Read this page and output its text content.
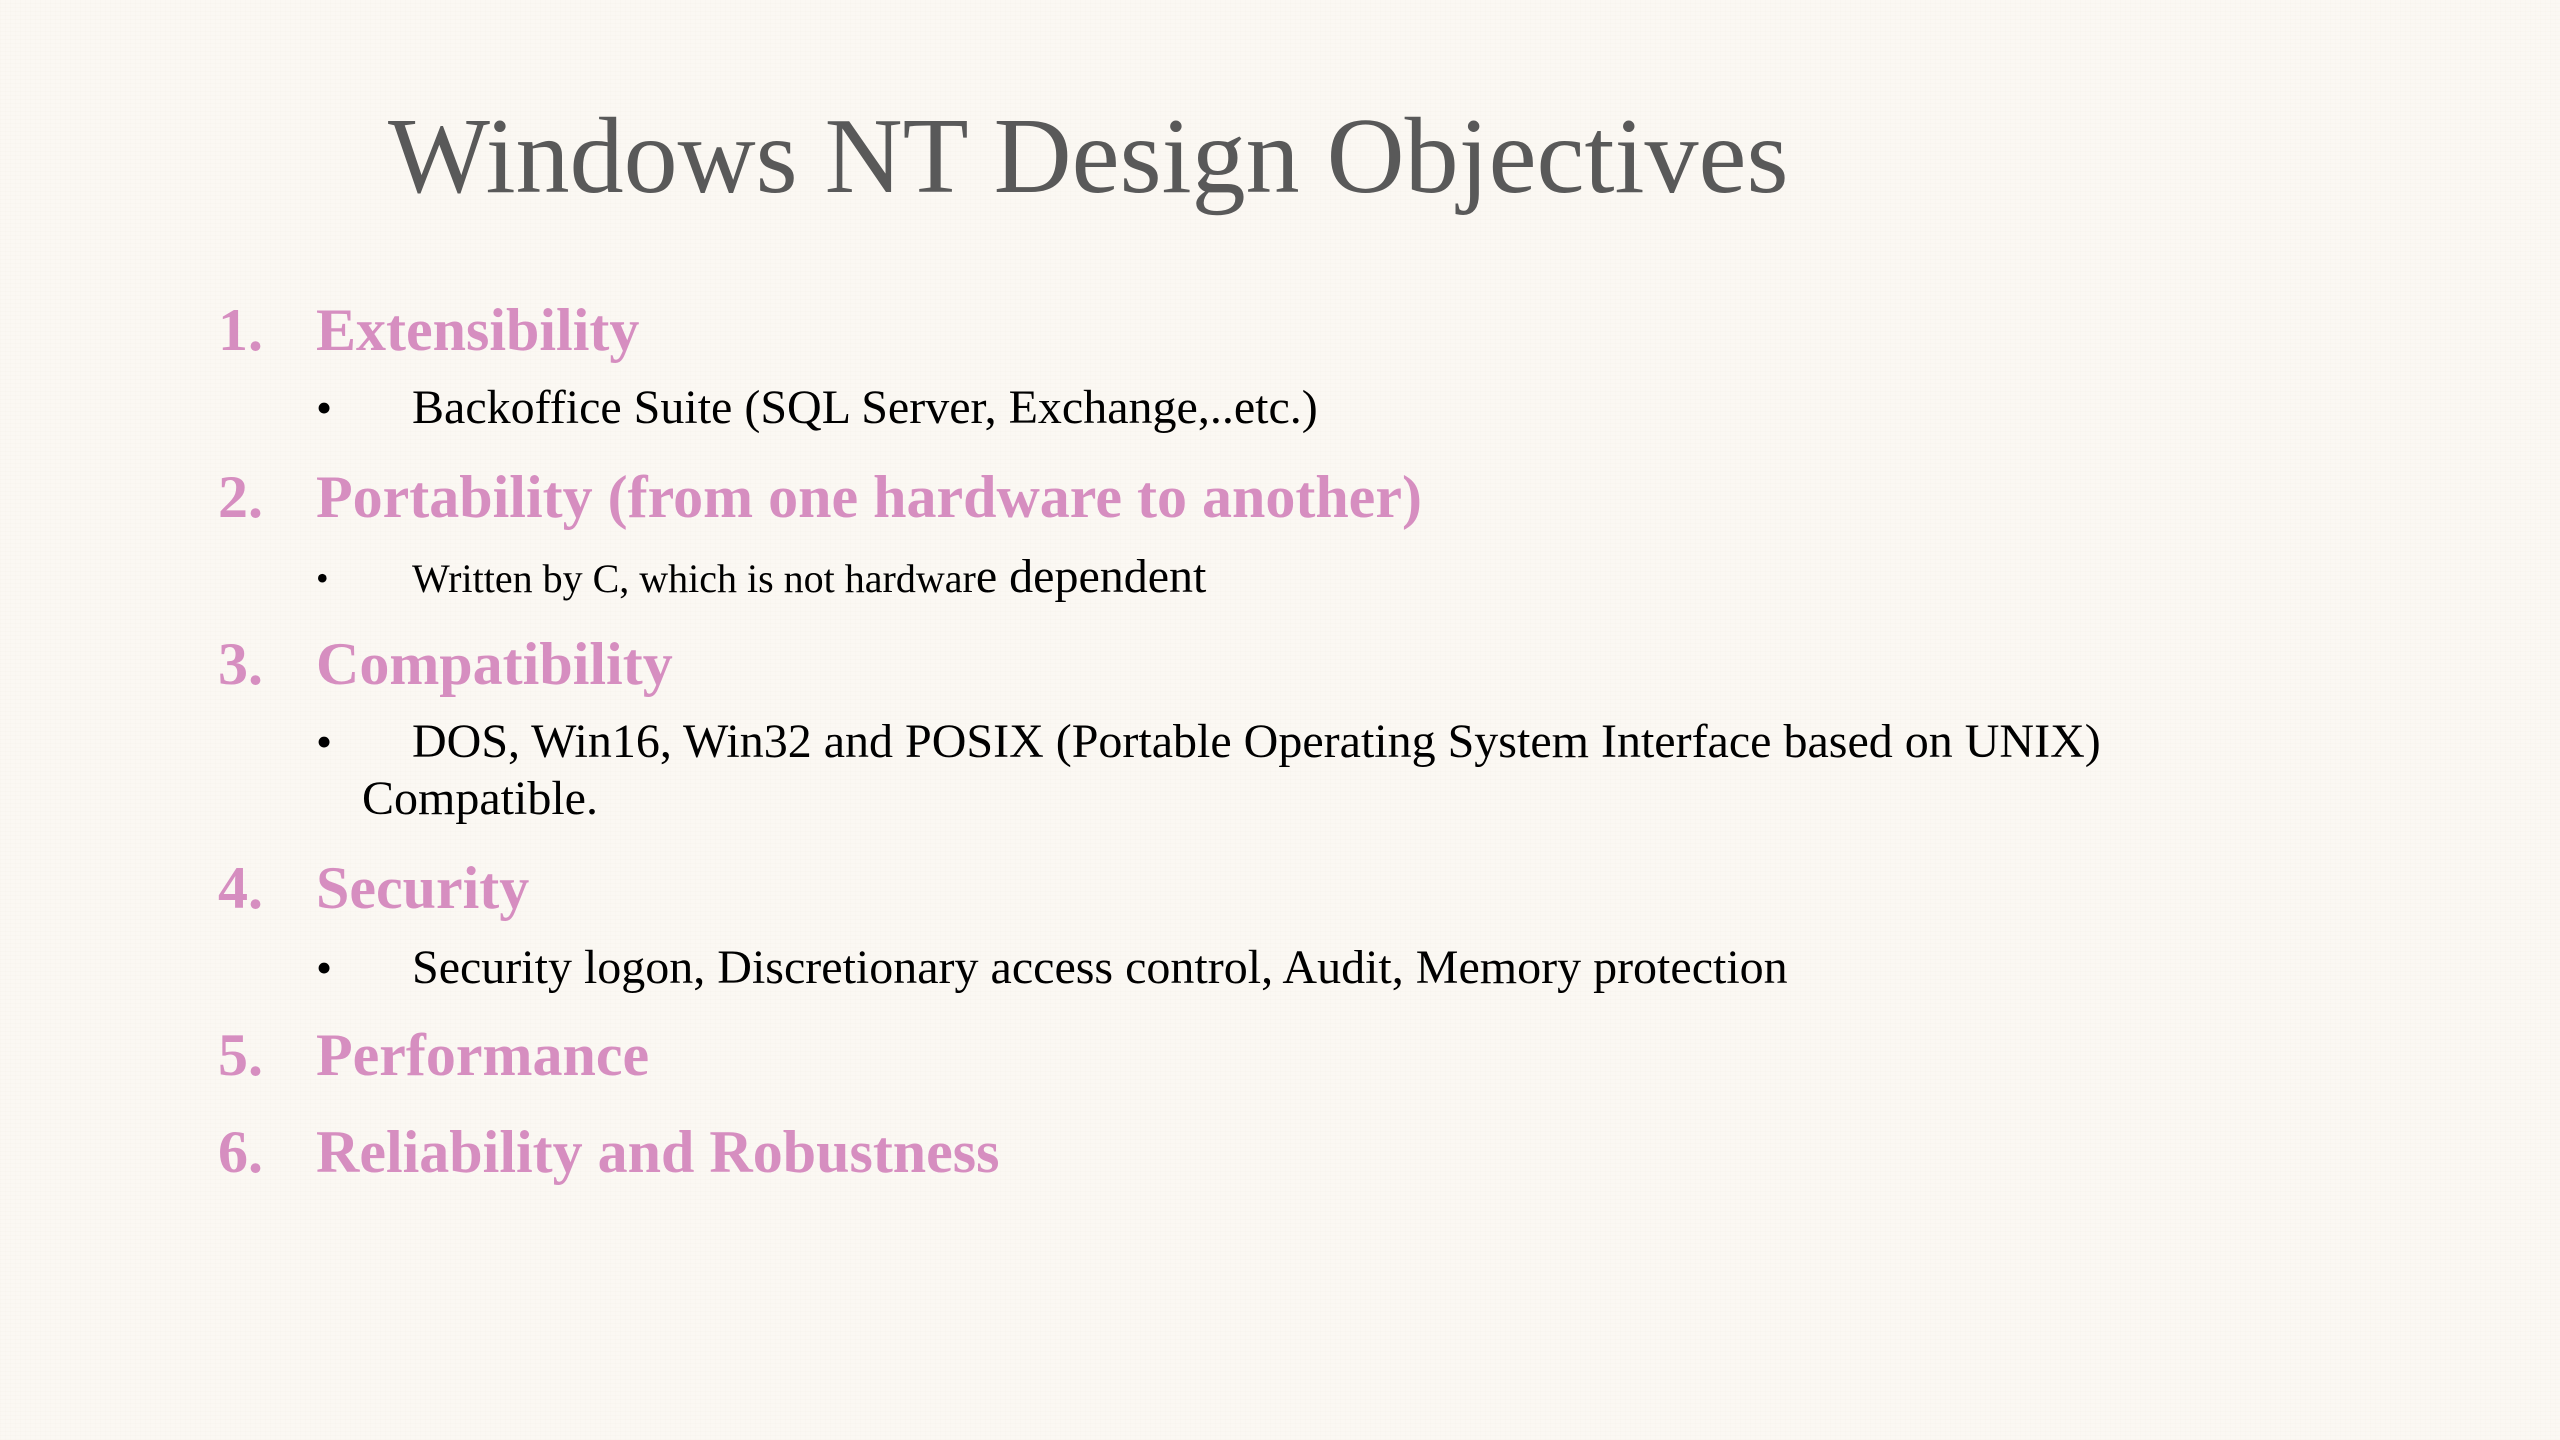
Windows NT Design Objectives
1. Extensibility
• Backoffice Suite (SQL Server, Exchange,..etc.)
2. Portability (from one hardware to another)
• Written by C, which is not hardware dependent
3. Compatibility
• DOS, Win16, Win32 and POSIX (Portable Operating System Interface based on UNIX)
Compatible.
4. Security
• Security logon, Discretionary access control, Audit, Memory protection
5. Performance
6. Reliability and Robustness
